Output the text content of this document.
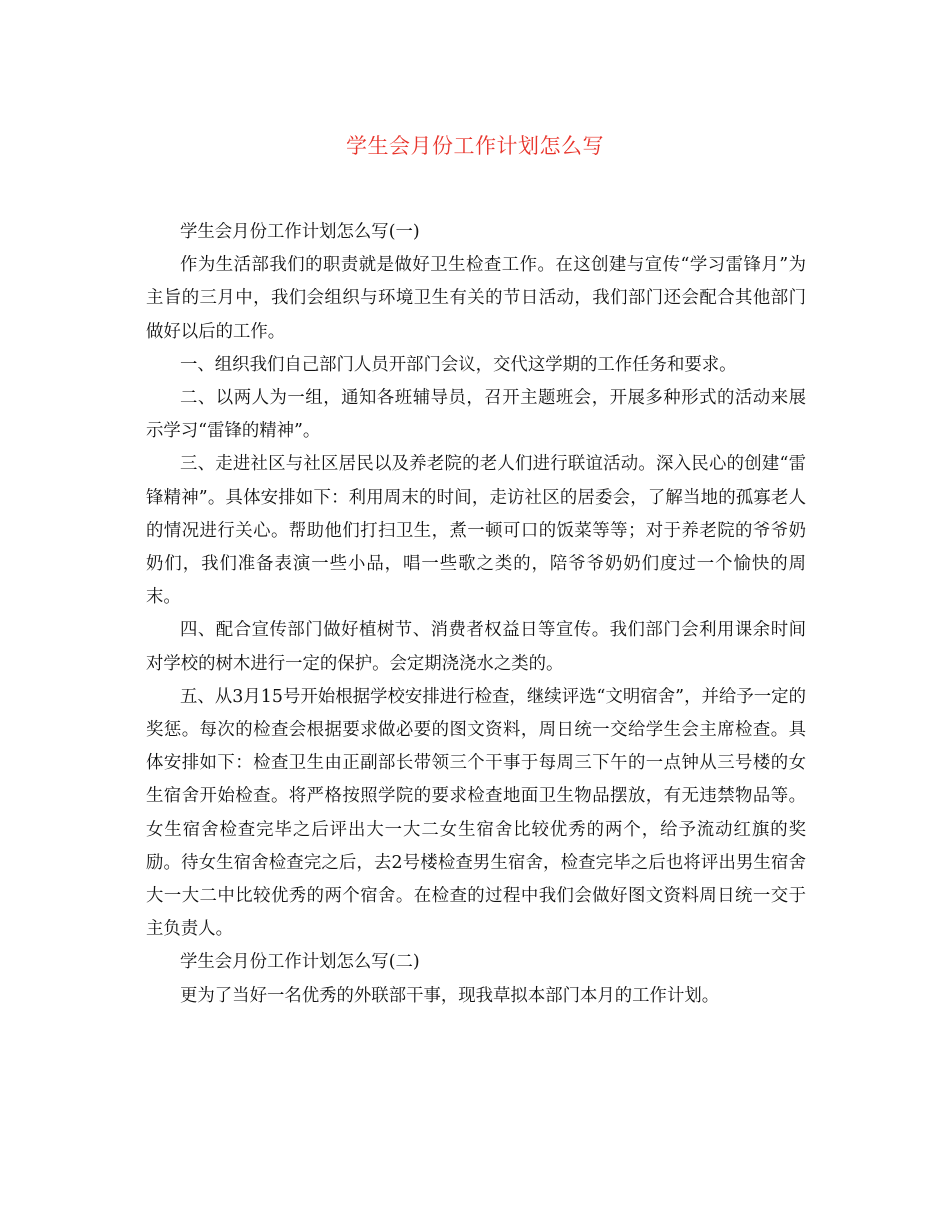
学生会月份工作计划怎么写

学生会月份工作计划怎么写(一)

作为生活部我们的职责就是做好卫生检查工作。在这创建与宣传“学习雷锋月”为主旨的三月中，我们会组织与环境卫生有关的节日活动，我们部门还会配合其他部门做好以后的工作。

一、组织我们自己部门人员开部门会议，交代这学期的工作任务和要求。

二、以两人为一组，通知各班辅导员，召开主题班会，开展多种形式的活动来展示学习“雷锋的精神”。

三、走进社区与社区居民以及养老院的老人们进行联谊活动。深入民心的创建“雷锋精神”。具体安排如下：利用周末的时间，走访社区的居委会，了解当地的孤寡老人的情况进行关心。帮助他们打扫卫生，煮一顿可口的饭菜等等；对于养老院的爷爷奶奶们，我们准备表演一些小品，唱一些歌之类的，陪爷爷奶奶们度过一个愉快的周末。

四、配合宣传部门做好植树节、消费者权益日等宣传。我们部门会利用课余时间对学校的树木进行一定的保护。会定期浇浇水之类的。

五、从3月15号开始根据学校安排进行检查，继续评选“文明宿舍”，并给予一定的奖惩。每次的检查会根据要求做必要的图文资料，周日统一交给学生会主席检查。具体安排如下：检查卫生由正副部长带领三个干事于每周三下午的一点钟从三号楼的女生宿舍开始检查。将严格按照学院的要求检查地面卫生物品摆放，有无违禁物品等。女生宿舍检查完毕之后评出大一大二女生宿舍比较优秀的两个，给予流动红旗的奖励。待女生宿舍检查完之后，去2号楼检查男生宿舍，检查完毕之后也将评出男生宿舍大一大二中比较优秀的两个宿舍。在检查的过程中我们会做好图文资料周日统一交于主负责人。

学生会月份工作计划怎么写(二)

更为了当好一名优秀的外联部干事，现我草拟本部门本月的工作计划。
